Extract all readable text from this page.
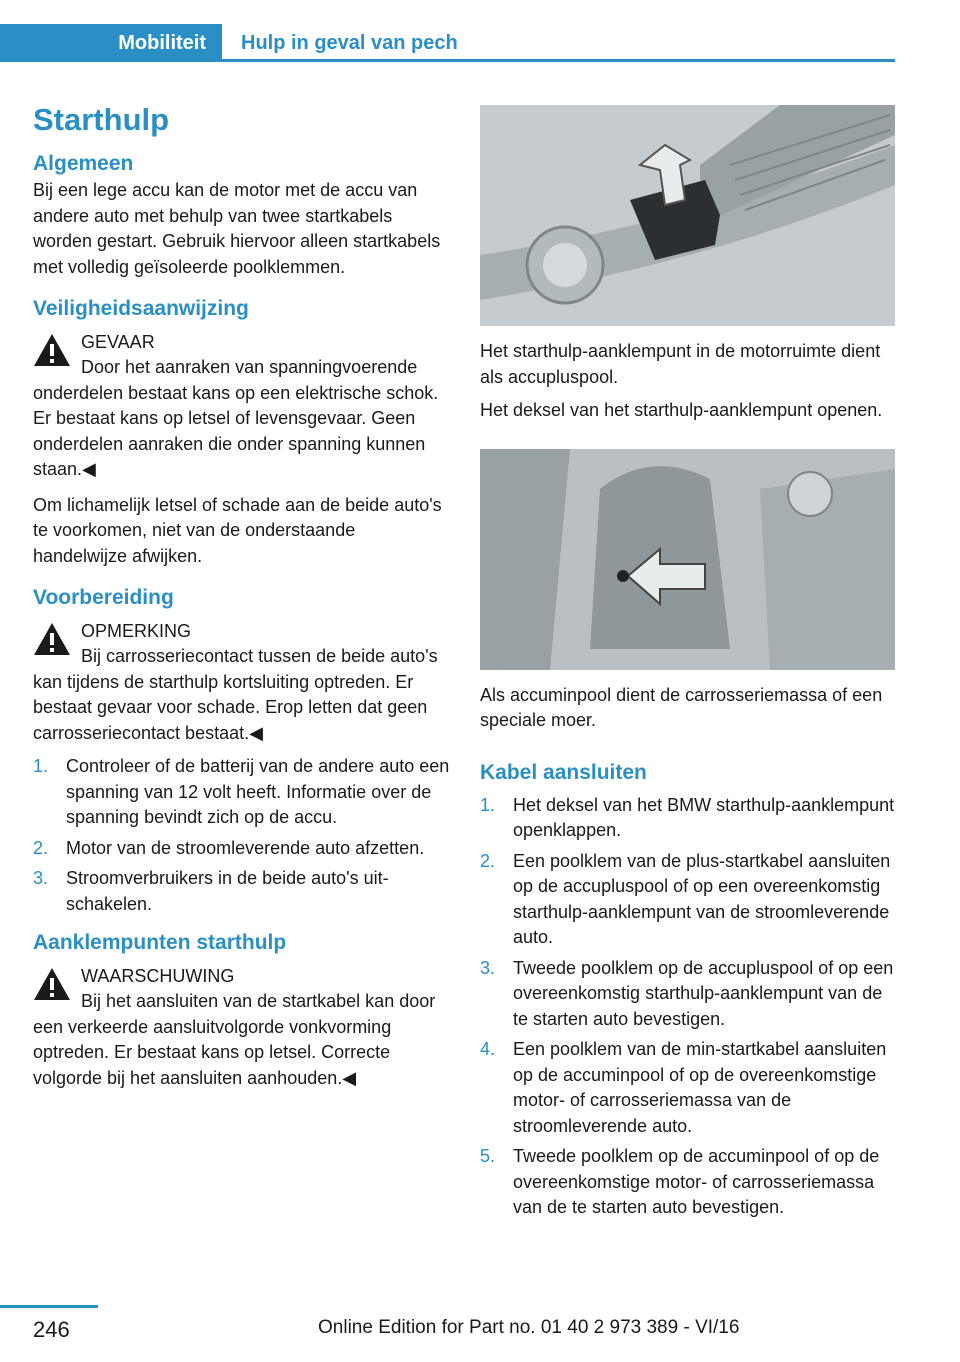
Mobiliteit Hulp in geval van pech
Starthulp
Algemeen

Bij een lege accu kan de motor met de accu van andere auto met behulp van twee startkabels worden gestart. Gebruik hiervoor alleen startkabels met volledig geïsoleerde poolklemmen.

Veiligheidsaanwijzing

GEVAAR

Door het aanraken van spanningvoerende onderdelen bestaat kans op een elektrische schok. Er bestaat kans op letsel of levensgevaar. Geen onderdelen aanraken die onder spanning kunnen staan.◀

Om lichamelijk letsel of schade aan de beide auto's te voorkomen, niet van de onderstaande handelwijze afwijken.

Voorbereiding

OPMERKING

Bij carrosseriecontact tussen de beide auto's kan tijdens de starthulp kortsluiting optreden. Er bestaat gevaar voor schade. Erop letten dat geen carrosseriecontact bestaat.◀

1. Controleer of de batterij van de andere auto een spanning van 12 volt heeft. Informatie over de spanning bevindt zich op de accu.
2. Motor van de stroomleverende auto afzetten.
3. Stroomverbruikers in de beide auto's uitschakelen.
Aanklempunten starthulp

WAARSCHUWING

Bij het aansluiten van de startkabel kan door een verkeerde aansluitvolgorde vonkvorming optreden. Er bestaat kans op letsel. Correcte volgorde bij het aansluiten aanhouden.◀

Het starthulp-aanklempunt in de motorruimte dient als accupluspool.

Het deksel van het starthulp-aanklempunt openen.

Als accuminpool dient de carrosseriemassa of een speciale moer.

Kabel aansluiten
1. Het deksel van het BMW starthulp-aanklempunt openklappen.
2. Een poolklem van de plus-startkabel aansluiten op de accupluspool of op een overeenkomstig starthulp-aanklempunt van de stroomleverende auto.
3. Tweede poolklem op de accupluspool of op een overeenkomstig starthulp-aanklempunt van de te starten auto bevestigen.
4. Een poolklem van de min-startkabel aansluiten op de accuminpool of op de overeenkomstige motor- of carrosseriemassa van de stroomleverende auto.
5. Tweede poolklem op de accuminpool of op de overeenkomstige motor- of carrosseriemassa van de te starten auto bevestigen.
246	Online Edition for Part no. 01 40 2 973 389 - VI/16
